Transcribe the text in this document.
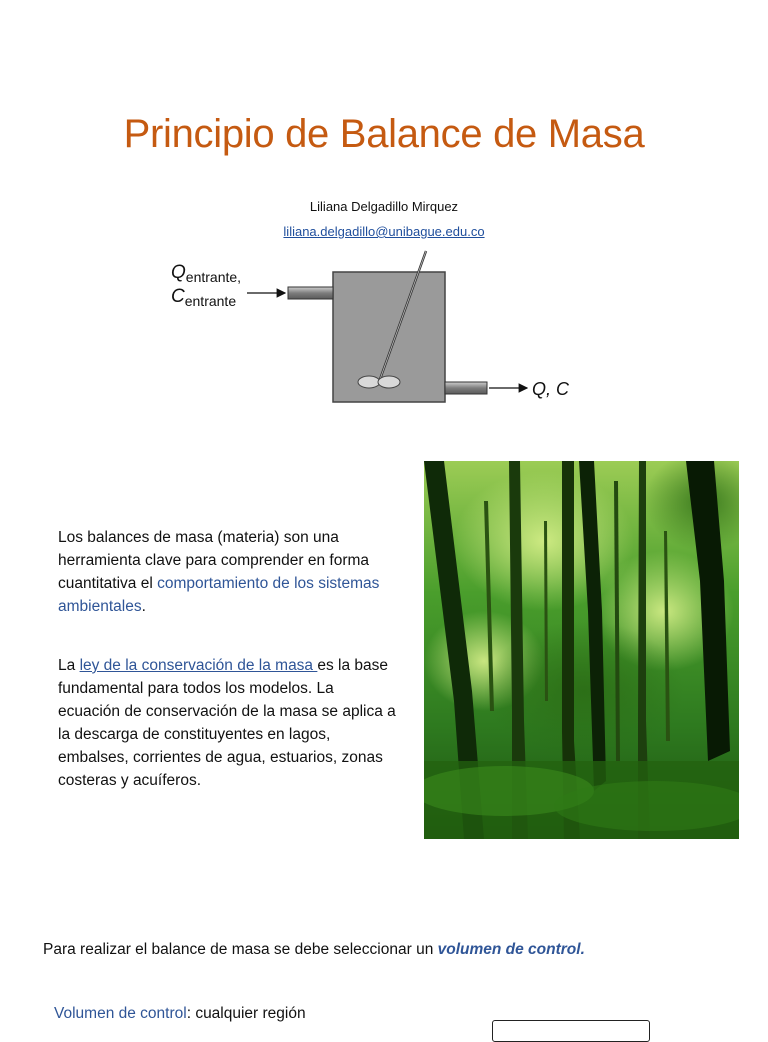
Principio de Balance de Masa
Liliana Delgadillo Mirquez
liliana.delgadillo@unibague.edu.co
$Q_{entrante}$,
$C_{entrante}$
Q, C
Los balances de masa (materia) son una herramienta clave para comprender en forma cuantitativa el comportamiento de los sistemas ambientales.
La ley de la conservación de la masa es la base fundamental para todos los modelos. La ecuación de conservación de la masa se aplica a la descarga de constituyentes en lagos, embalses, corrientes de agua, estuarios, zonas costeras y acuíferos.
Para realizar el balance de masa se debe seleccionar un volumen de control.
Volumen de control: cualquier región
